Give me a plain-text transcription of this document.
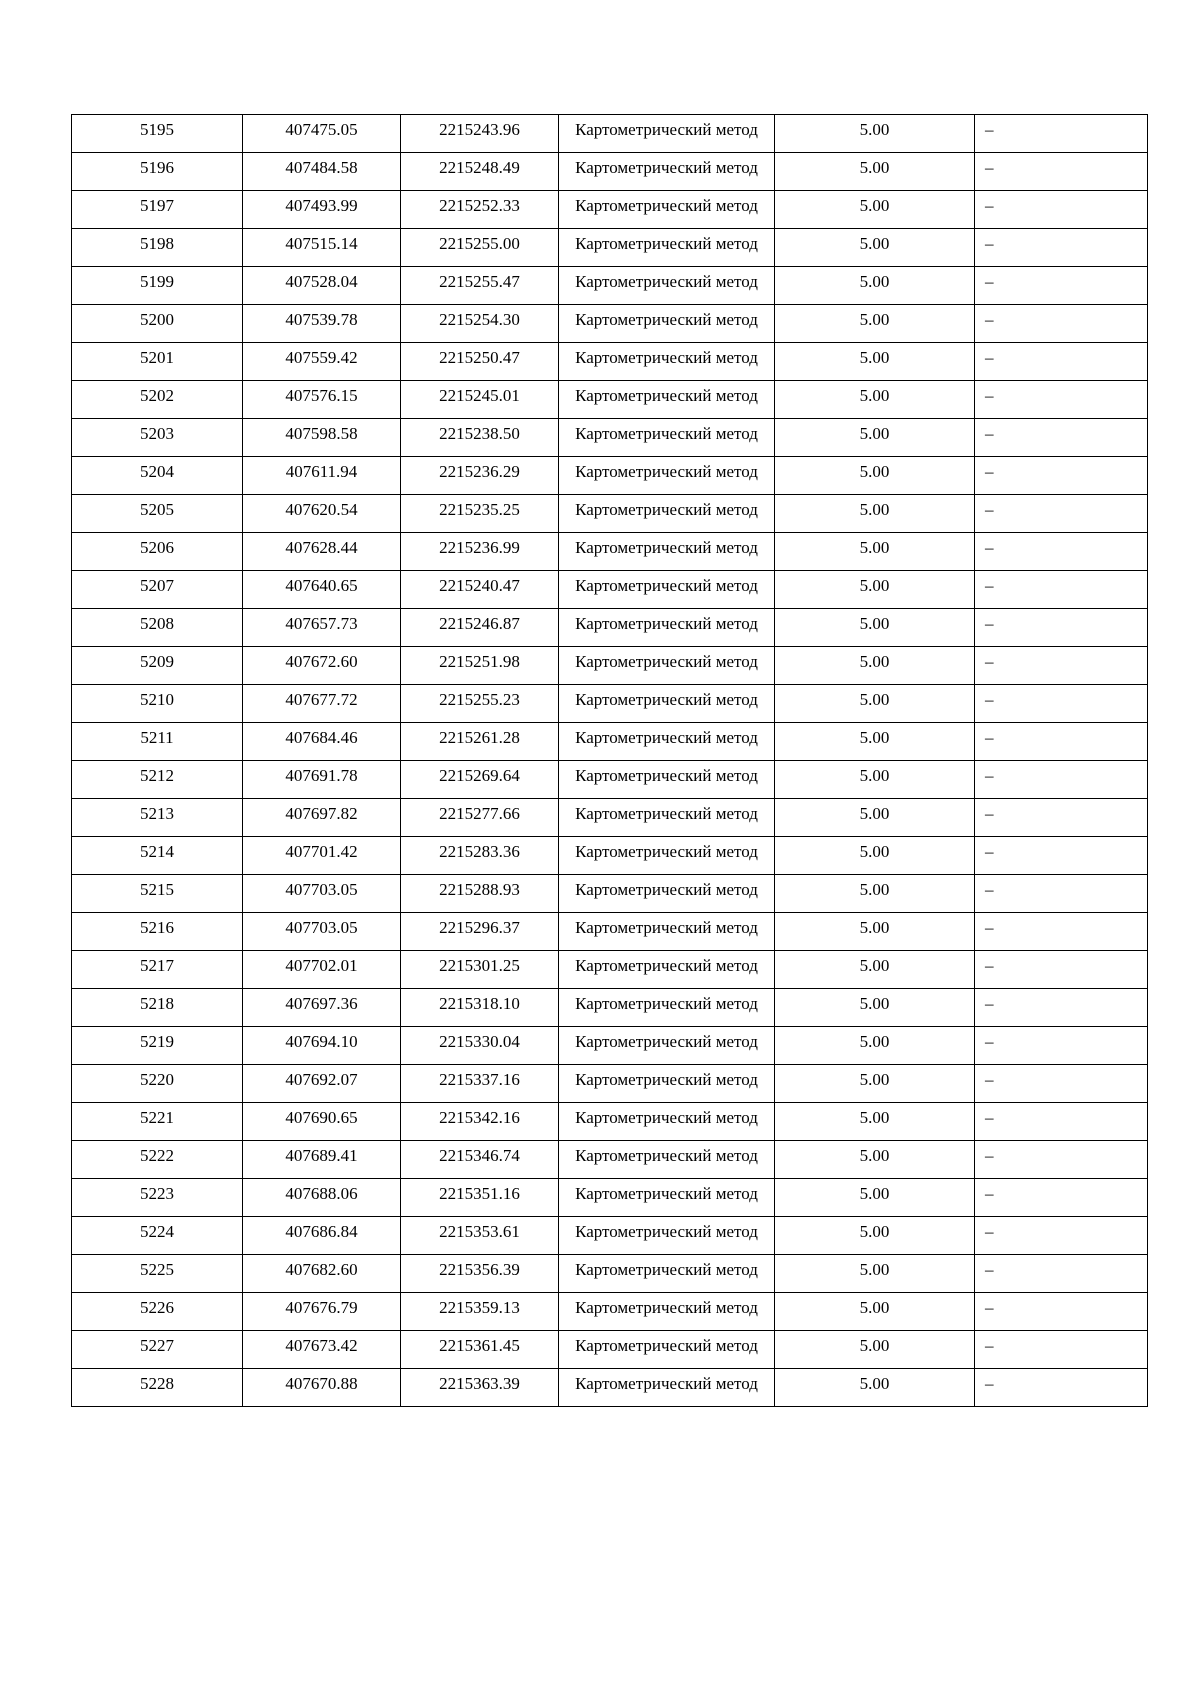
5195	407475.05	2215243.96	Картометрический метод	5.00	–
5196	407484.58	2215248.49	Картометрический метод	5.00	–
5197	407493.99	2215252.33	Картометрический метод	5.00	–
5198	407515.14	2215255.00	Картометрический метод	5.00	–
5199	407528.04	2215255.47	Картометрический метод	5.00	–
5200	407539.78	2215254.30	Картометрический метод	5.00	–
5201	407559.42	2215250.47	Картометрический метод	5.00	–
5202	407576.15	2215245.01	Картометрический метод	5.00	–
5203	407598.58	2215238.50	Картометрический метод	5.00	–
5204	407611.94	2215236.29	Картометрический метод	5.00	–
5205	407620.54	2215235.25	Картометрический метод	5.00	–
5206	407628.44	2215236.99	Картометрический метод	5.00	–
5207	407640.65	2215240.47	Картометрический метод	5.00	–
5208	407657.73	2215246.87	Картометрический метод	5.00	–
5209	407672.60	2215251.98	Картометрический метод	5.00	–
5210	407677.72	2215255.23	Картометрический метод	5.00	–
5211	407684.46	2215261.28	Картометрический метод	5.00	–
5212	407691.78	2215269.64	Картометрический метод	5.00	–
5213	407697.82	2215277.66	Картометрический метод	5.00	–
5214	407701.42	2215283.36	Картометрический метод	5.00	–
5215	407703.05	2215288.93	Картометрический метод	5.00	–
5216	407703.05	2215296.37	Картометрический метод	5.00	–
5217	407702.01	2215301.25	Картометрический метод	5.00	–
5218	407697.36	2215318.10	Картометрический метод	5.00	–
5219	407694.10	2215330.04	Картометрический метод	5.00	–
5220	407692.07	2215337.16	Картометрический метод	5.00	–
5221	407690.65	2215342.16	Картометрический метод	5.00	–
5222	407689.41	2215346.74	Картометрический метод	5.00	–
5223	407688.06	2215351.16	Картометрический метод	5.00	–
5224	407686.84	2215353.61	Картометрический метод	5.00	–
5225	407682.60	2215356.39	Картометрический метод	5.00	–
5226	407676.79	2215359.13	Картометрический метод	5.00	–
5227	407673.42	2215361.45	Картометрический метод	5.00	–
5228	407670.88	2215363.39	Картометрический метод	5.00	–
